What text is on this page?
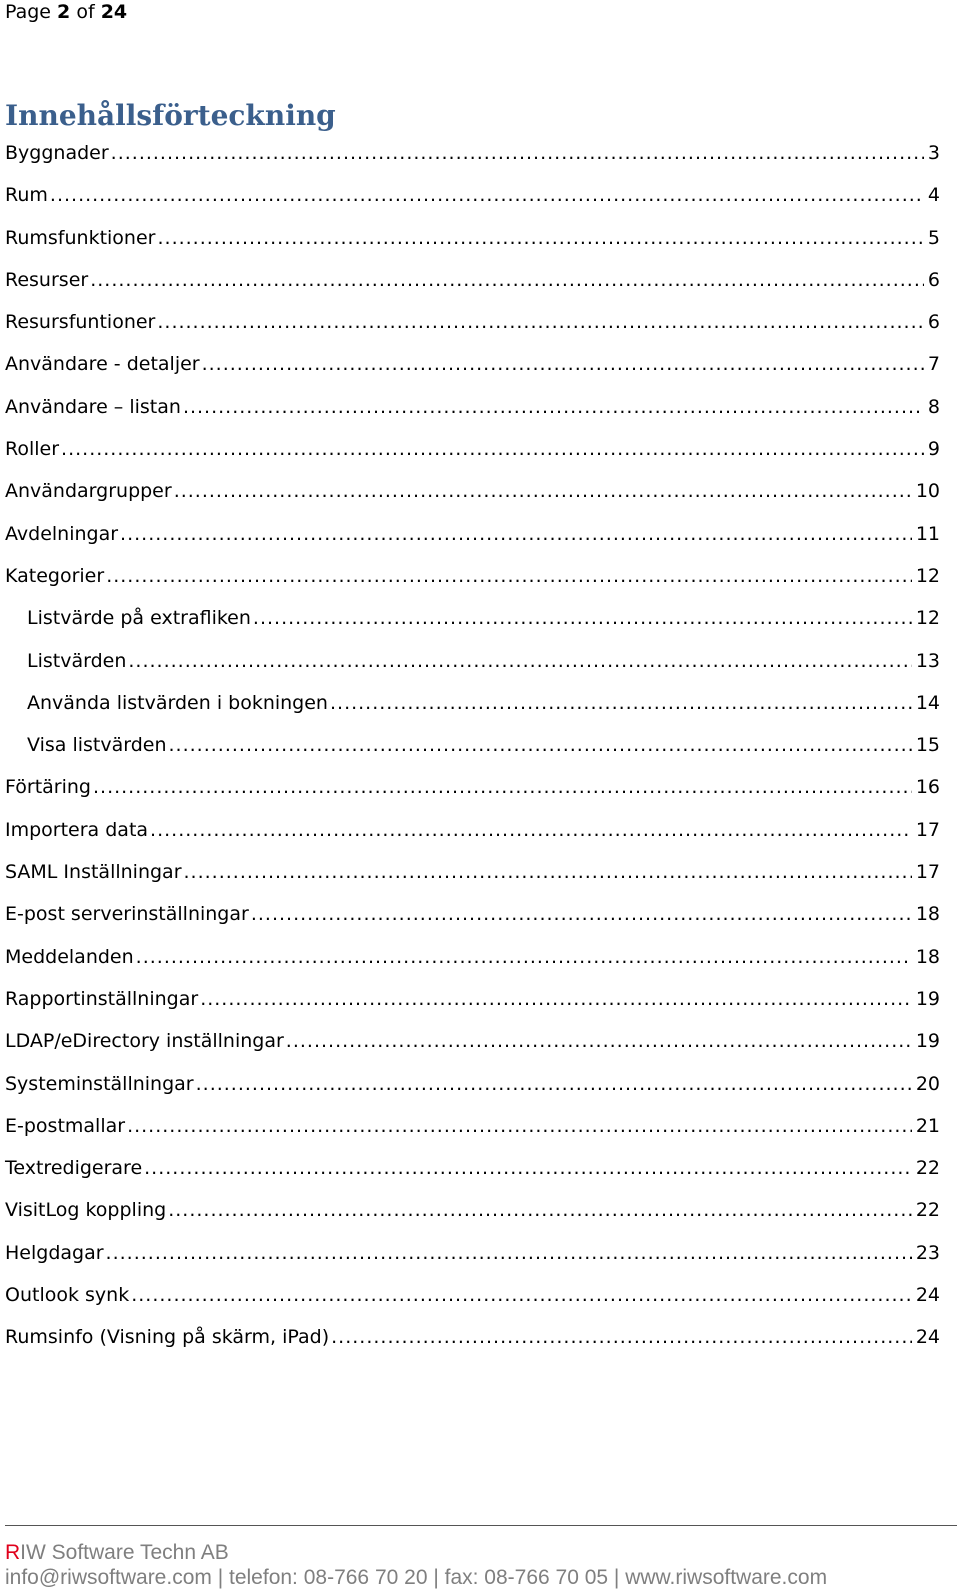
Page 2 of 24
Innehållsförteckning
Byggnader .....	3
Rum .....	4
Rumsfunktioner .....	5
Resurser .....	6
Resursfuntioner .....	6
Användare - detaljer .....	7
Användare – listan .....	8
Roller .....	9
Användargrupper .....	10
Avdelningar .....	11
Kategorier .....	12
Listvärde på extrafliken .....	12
Listvärden .....	13
Använda listvärden i bokningen .....	14
Visa listvärden .....	15
Förtäring .....	16
Importera data .....	17
SAML Inställningar .....	17
E-post serverinställningar .....	18
Meddelanden .....	18
Rapportinställningar .....	19
LDAP/eDirectory inställningar .....	19
Systeminställningar .....	20
E-postmallar .....	21
Textredigerare .....	22
VisitLog koppling .....	22
Helgdagar .....	23
Outlook synk .....	24
Rumsinfo (Visning på skärm, iPad) .....	24
RIW Software Techn AB
info@riwsoftware.com | telefon: 08-766 70 20 | fax: 08-766 70 05 | www.riwsoftware.com
